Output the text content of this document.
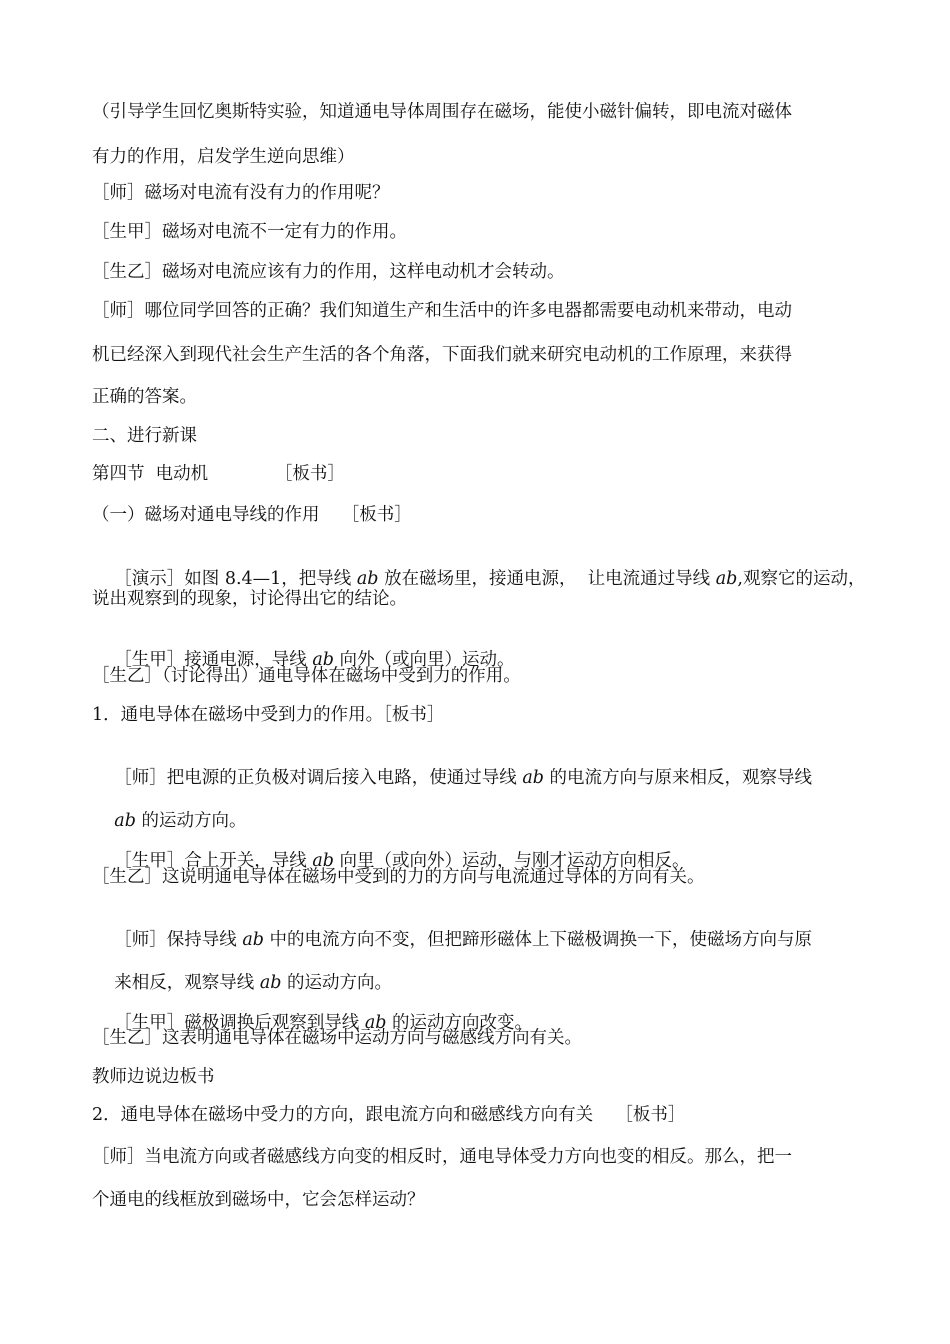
（引导学生回忆奥斯特实验，知道通电导体周围存在磁场，能使小磁针偏转，即电流对磁体
有力的作用，启发学生逆向思维）
［师］磁场对电流有没有力的作用呢？
［生甲］磁场对电流不一定有力的作用。
［生乙］磁场对电流应该有力的作用，这样电动机才会转动。
［师］哪位同学回答的正确？我们知道生产和生活中的许多电器都需要电动机来带动，电动
机已经深入到现代社会生产生活的各个角落，下面我们就来研究电动机的工作原理，来获得
正确的答案。
二、进行新课
第四节  电动机            ［板书］
（一）磁场对通电导线的作用    ［板书］

［演示］如图 8.4—1，把导线 ab 放在磁场里，接通电源，  让电流通过导线 ab,观察它的运动，

说出观察到的现象，讨论得出它的结论。

［生甲］接通电源，导线 ab 向外（或向里）运动。

［生乙］（讨论得出）通电导体在磁场中受到力的作用。
1．通电导体在磁场中受到力的作用。［板书］

［师］把电源的正负极对调后接入电路，使通过导线 ab 的电流方向与原来相反，观察导线

ab 的运动方向。

［生甲］合上开关，导线 ab 向里（或向外）运动，与刚才运动方向相反。

［生乙］这说明通电导体在磁场中受到的力的方向与电流通过导体的方向有关。

［师］保持导线 ab 中的电流方向不变，但把蹄形磁体上下磁极调换一下，使磁场方向与原

来相反，观察导线 ab 的运动方向。

［生甲］磁极调换后观察到导线 ab 的运动方向改变。

［生乙］这表明通电导体在磁场中运动方向与磁感线方向有关。
教师边说边板书
2．通电导体在磁场中受力的方向，跟电流方向和磁感线方向有关    ［板书］
［师］当电流方向或者磁感线方向变的相反时，通电导体受力方向也变的相反。那么，把一
个通电的线框放到磁场中，它会怎样运动？
